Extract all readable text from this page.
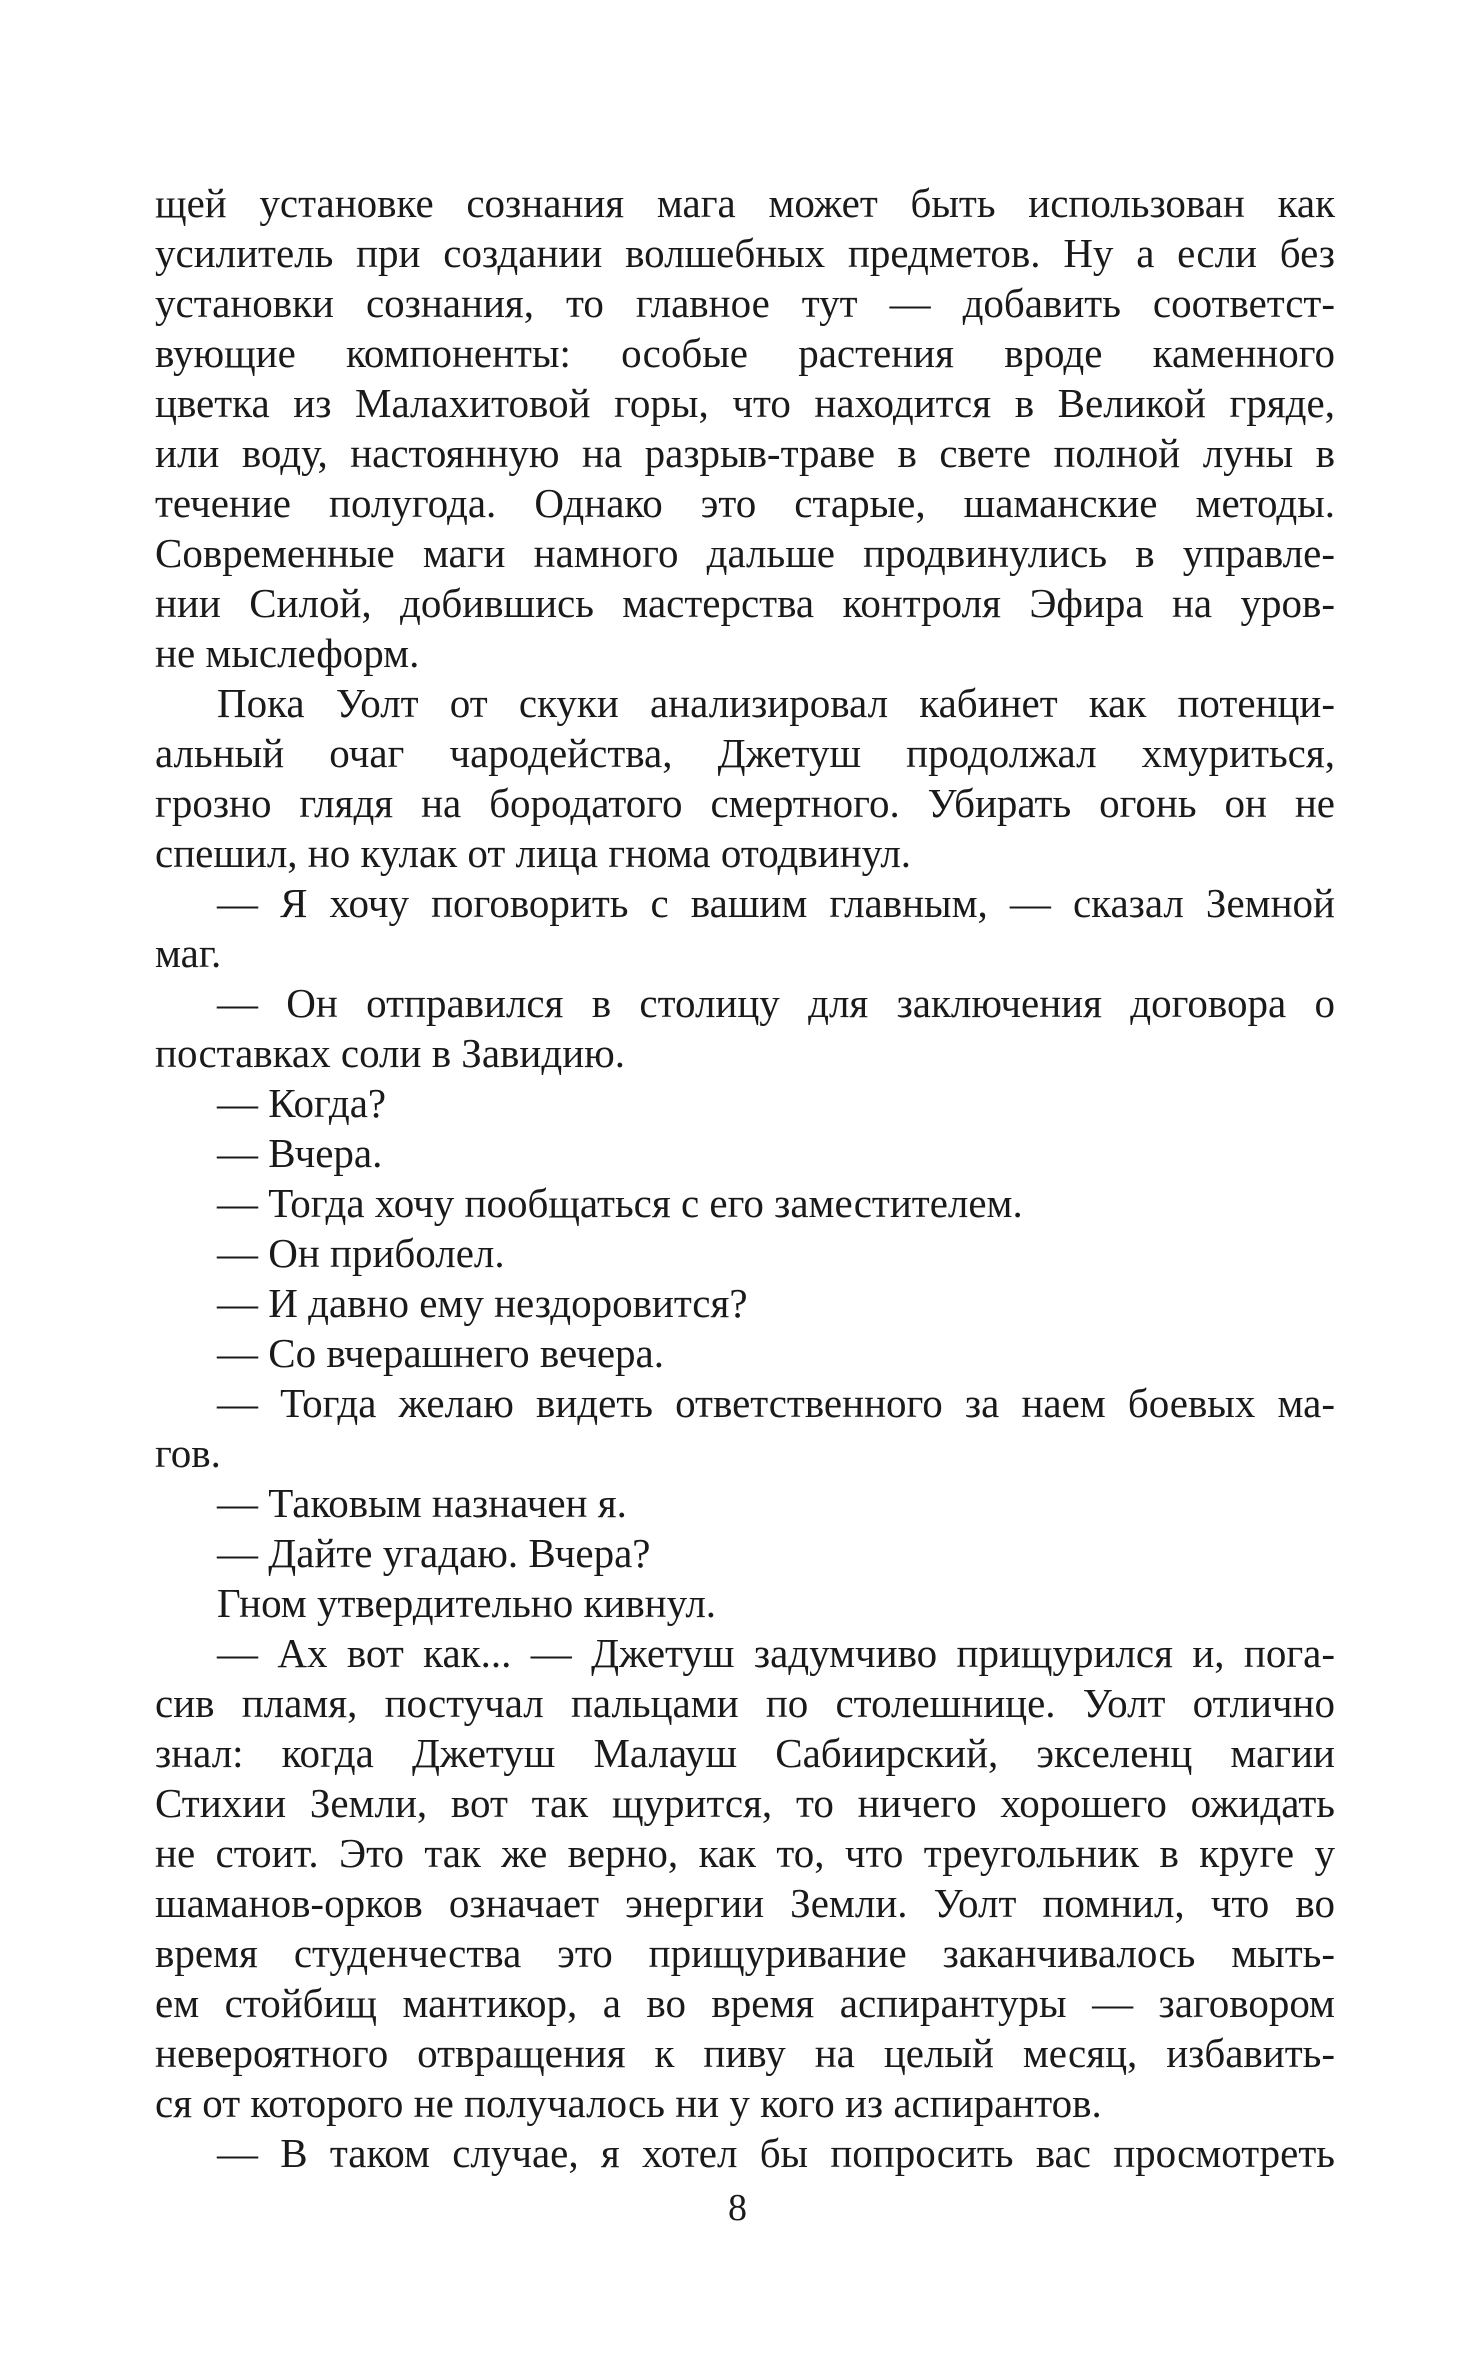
щей установке сознания мага может быть использован как
усилитель при создании волшебных предметов. Ну а если без
установки сознания, то главное тут — добавить соответст-
вующие компоненты: особые растения вроде каменного
цветка из Малахитовой горы, что находится в Великой гряде,
или воду, настоянную на разрыв-траве в свете полной луны в
течение полугода. Однако это старые, шаманские методы.
Современные маги намного дальше продвинулись в управле-
нии Силой, добившись мастерства контроля Эфира на уров-
не мыслеформ.
Пока Уолт от скуки анализировал кабинет как потенци-
альный очаг чародейства, Джетуш продолжал хмуриться,
грозно глядя на бородатого смертного. Убирать огонь он не
спешил, но кулак от лица гнома отодвинул.
— Я хочу поговорить с вашим главным, — сказал Земной
маг.
— Он отправился в столицу для заключения договора о
поставках соли в Завидию.
— Когда?
— Вчера.
— Тогда хочу пообщаться с его заместителем.
— Он приболел.
— И давно ему нездоровится?
— Со вчерашнего вечера.
— Тогда желаю видеть ответственного за наем боевых ма-
гов.
— Таковым назначен я.
— Дайте угадаю. Вчера?
Гном утвердительно кивнул.
— Ах вот как... — Джетуш задумчиво прищурился и, пога-
сив пламя, постучал пальцами по столешнице. Уолт отлично
знал: когда Джетуш Малауш Сабиирский, экселенц магии
Стихии Земли, вот так щурится, то ничего хорошего ожидать
не стоит. Это так же верно, как то, что треугольник в круге у
шаманов-орков означает энергии Земли. Уолт помнил, что во
время студенчества это прищуривание заканчивалось мыть-
ем стойбищ мантикор, а во время аспирантуры — заговором
невероятного отвращения к пиву на целый месяц, избавить-
ся от которого не получалось ни у кого из аспирантов.
— В таком случае, я хотел бы попросить вас просмотреть
8
